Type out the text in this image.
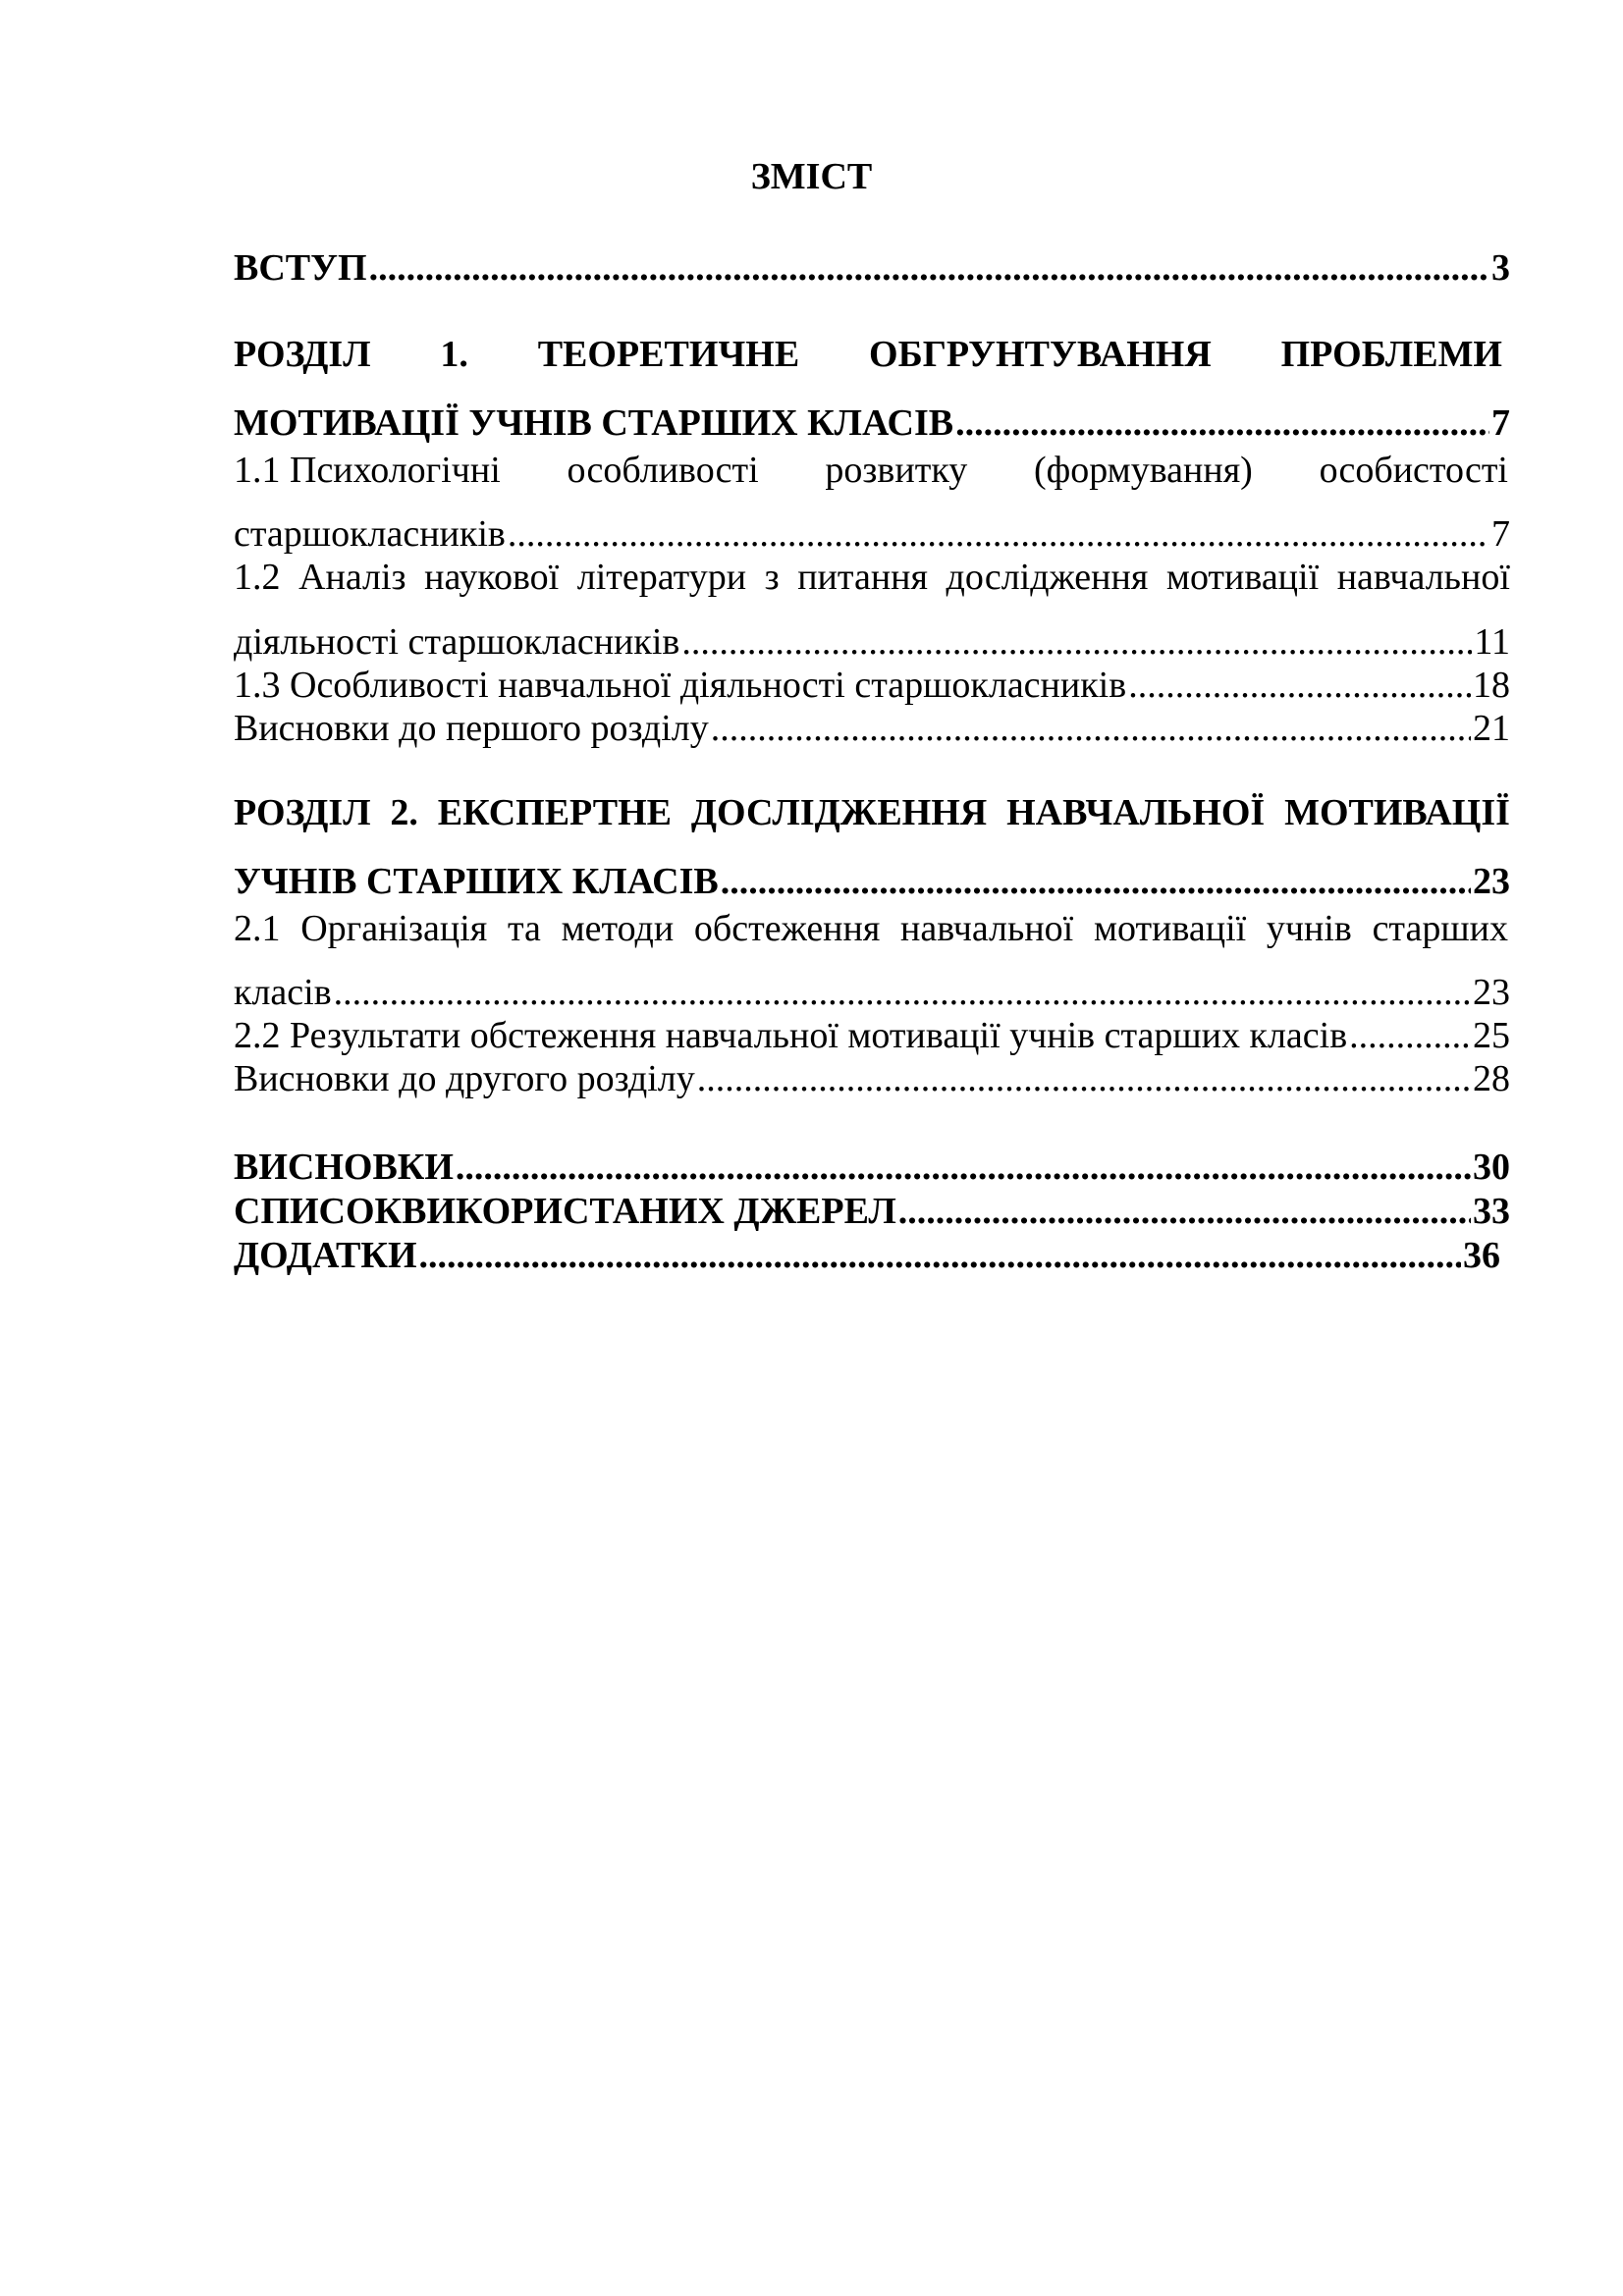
ЗМІСТ
ВСТУП .....	3
РОЗДІЛ 1. ТЕОРЕТИЧНЕ ОБГРУНТУВАННЯ ПРОБЛЕМИ
МОТИВАЦІЇ УЧНІВ СТАРШИХ КЛАСІВ .....	7
1.1 Психологічні особливості розвитку (формування) особистості
старшокласників .....	7
1.2 Аналіз наукової літератури з питання дослідження мотивації навчальної
діяльності старшокласників .....	11
1.3 Особливості навчальної діяльності старшокласників .....	18
Висновки до першого розділу .....	21
РОЗДІЛ 2. ЕКСПЕРТНЕ ДОСЛІДЖЕННЯ НАВЧАЛЬНОЇ МОТИВАЦІЇ
УЧНІВ СТАРШИХ КЛАСІВ .....	23
2.1 Організація та методи обстеження навчальної мотивації учнів старших
класів .....	23
2.2 Результати обстеження навчальної мотивації учнів старших класів .....	25
Висновки до другого розділу .....	28
ВИСНОВКИ .....	30
СПИСОКВИКОРИСТАНИХ ДЖЕРЕЛ .....	33
ДОДАТКИ .....	36
